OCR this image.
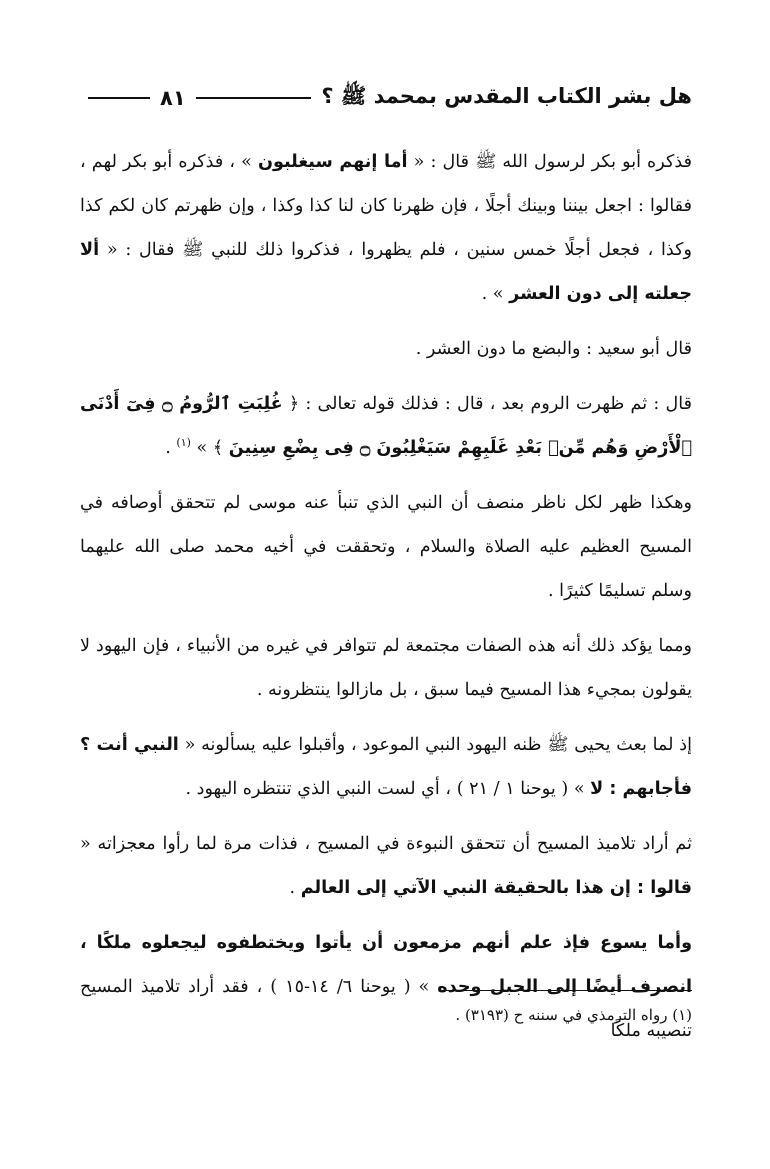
هل بشر الكتاب المقدس بمحمد ﷺ ؟
٨١

فذكره أبو بكر لرسول الله ﷺ قال : « أما إنهم سيغلبون » ، فذكره أبو بكر لهم ، فقالوا : اجعل بيننا وبينك أجلًا ، فإن ظهرنا كان لنا كذا وكذا ، وإن ظهرتم كان لكم كذا وكذا ، فجعل أجلًا خمس سنين ، فلم يظهروا ، فذكروا ذلك للنبي ﷺ فقال : « ألا جعلته إلى دون العشر » .

قال أبو سعيد : والبضع ما دون العشر .

قال : ثم ظهرت الروم بعد ، قال : فذلك قوله تعالى : ﴿ غُلِبَتِ ٱلرُّومُ ۝ فِىٓ أَدْنَى ٱلْأَرْضِ وَهُم مِّنۢ بَعْدِ غَلَبِهِمْ سَيَغْلِبُونَ ۝ فِى بِضْعِ سِنِينَ ﴾ » $^{(١)}$ .

وهكذا ظهر لكل ناظر منصف أن النبي الذي تنبأ عنه موسى لم تتحقق أوصافه في المسيح العظيم عليه الصلاة والسلام ، وتحققت في أخيه محمد صلى الله عليهما وسلم تسليمًا كثيرًا .

ومما يؤكد ذلك أنه هذه الصفات مجتمعة لم تتوافر في غيره من الأنبياء ، فإن اليهود لا يقولون بمجيء هذا المسيح فيما سبق ، بل مازالوا ينتظرونه .

إذ لما بعث يحيى ﷺ ظنه اليهود النبي الموعود ، وأقبلوا عليه يسألونه « النبي أنت ؟ فأجابهم : لا » ( يوحنا ١ / ٢١ ) ، أي لست النبي الذي تنتظره اليهود .

ثم أراد تلاميذ المسيح أن تتحقق النبوءة في المسيح ، فذات مرة لما رأوا معجزاته « قالوا : إن هذا بالحقيقة النبي الآتي إلى العالم .

وأما يسوع فإذ علم أنهم مزمعون أن يأتوا ويختطفوه ليجعلوه ملكًا ، انصرف أيضًا إلى الجبل وحده » ( يوحنا ٦/ ١٤-١٥ ) ، فقد أراد تلاميذ المسيح تنصيبه ملكًا

(١) رواه الترمذي في سننه ح (٣١٩٣) .
